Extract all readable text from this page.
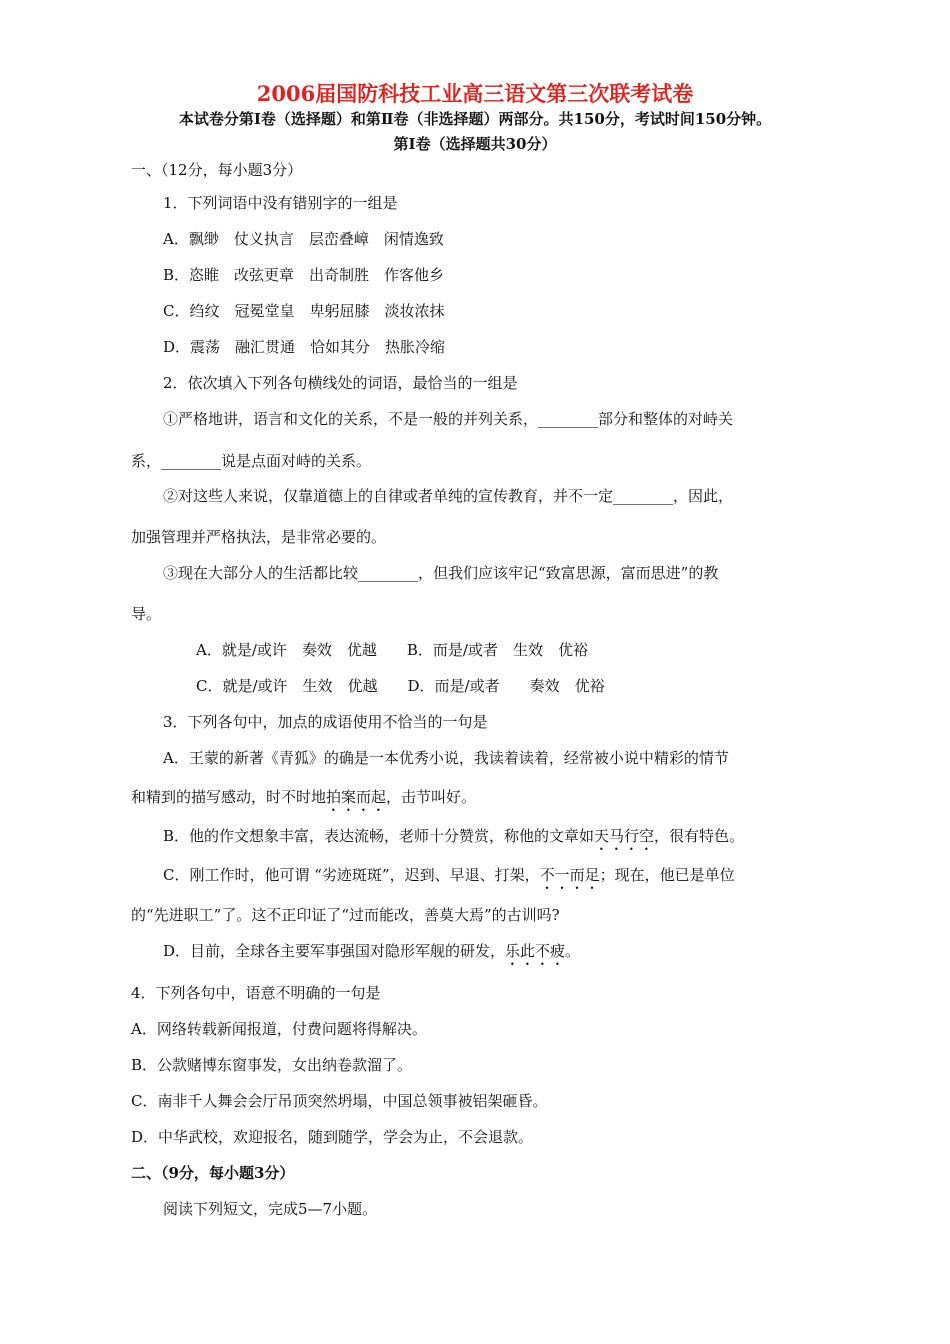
2006届国防科技工业高三语文第三次联考试卷
本试卷分第Ⅰ卷（选择题）和第Ⅱ卷（非选择题）两部分。共150分，考试时间150分钟。
第Ⅰ卷（选择题共30分）
一、（12分，每小题3分）
1．下列词语中没有错别字的一组是
A．飘缈　仗义执言　层峦叠嶂　闲情逸致
B．恣睢　改弦更章　出奇制胜　作客他乡
C．绉纹　冠冕堂皇　卑躬屈膝　淡妆浓抹
D．震荡　融汇贯通　恰如其分　热胀冷缩
2．依次填入下列各句横线处的词语，最恰当的一组是
①严格地讲，语言和文化的关系，不是一般的并列关系，________部分和整体的对峙关
系，________说是点面对峙的关系。
②对这些人来说，仅靠道德上的自律或者单纯的宣传教育，并不一定________，因此，
加强管理并严格执法，是非常必要的。
③现在大部分人的生活都比较________，但我们应该牢记“致富思源，富而思进”的教
导。
A．就是/或许　奏效　优越　　B．而是/或者　生效　优裕
C．就是/或许　生效　优越　　D．而是/或者　　奏效　优裕
3．下列各句中，加点的成语使用不恰当的一句是
A．王蒙的新著《青狐》的确是一本优秀小说，我读着读着，经常被小说中精彩的情节
和精到的描写感动，时不时地拍案而起，击节叫好。
B．他的作文想象丰富，表达流畅，老师十分赞赏，称他的文章如天马行空，很有特色。
C．刚工作时，他可谓 “劣迹斑斑”，迟到、早退、打架，不一而足；现在，他已是单位
的“先进职工”了。这不正印证了“过而能改，善莫大焉”的古训吗?
D．目前，全球各主要军事强国对隐形军舰的研发，乐此不疲。
4．下列各句中，语意不明确的一句是
A．网络转载新闻报道，付费问题将得解决。
B．公款赌博东窗事发，女出纳卷款溜了。
C．南非千人舞会会厅吊顶突然坍塌，中国总领事被铝架砸昏。
D．中华武校，欢迎报名，随到随学，学会为止，不会退款。
二、（9分，每小题3分）
阅读下列短文，完成5—7小题。
